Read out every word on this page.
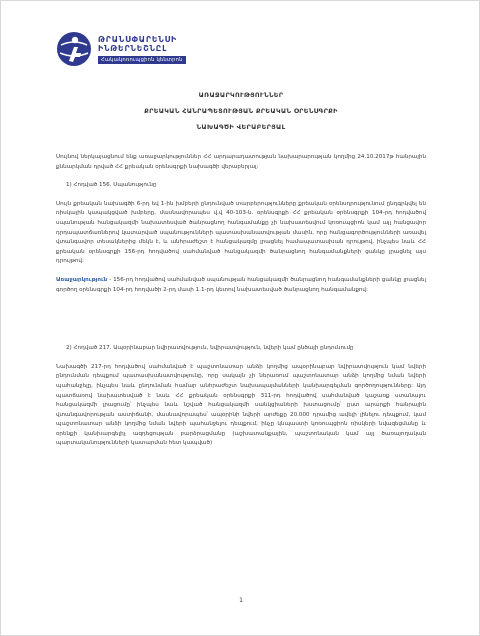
ԹՐԱՆՍՓԱՐԵՆՍԻ
ԻՆԹԵՐՆԵՇՆԸԼ
Հակակոռուպցիոն կենտրոն
ԱՌԱՋԱՐԿՈՒԹՅՈՒՆՆԵՐ
ՔՐԵԱԿԱՆ ՀԱՆՐԱՊԵՏՈՒԹՅԱՆ ՔՐԵԱԿԱՆ ՕՐԵՆՍԳՐՔԻ
ՆԱԽԱԳԾԻ ՎԵՐԱԲԵՐՅԱԼ

Սույնով ներկայացնում ենք առաջարկություններ ՀՀ արդարադատության նախարարության կողմից 24.10.2017թ հանրային քննարկման դրված ՀՀ քրեական օրենսգրքի նախագծի վերաբերյալ:

1) Հոդված 156. Սպանությունը

Սույն քրեական նախագծի 6-րդ եվ 1-ին խմբերի ընդունված տարբերությունները քրեական օրենսդրությունում ընդգրկվել են ռիսկային կապակցված խմբերը, մասնավորապես վ.վ 40-103-ն. օրենսգրքի ՀՀ քրեական օրենսգրքի 104-րդ հոդվածով սպանության հանցակազմի նախատեսված ծանրացնող հանգամանքը չի նախատեսվում կոռուպցիոն կամ այլ հանցավոր դրդապատճառներով կատարված սպանությունների պատասխանատվության մասին, որը հանցագործությունների առավել վտանգավոր տեսակներից մեկն է, և անհրաժեշտ է հանցակազմը լրացնել համապատասխան դրույթով, ինչպես նաև ՀՀ քրեական օրենսգրքի 156-րդ հոդվածով սահմանված հանցակազմի ծանրացնող հանգամանքների ցանկը լրացնել այս դրույթով:

Առաջարկություն - 156-րդ հոդվածով սահմանված սպանության հանցակազմի ծանրացնող հանգամանքների ցանկը լրացնել գործող օրենսգրքի 104-րդ հոդվածի 2-րդ մասի 1.1-րդ կետով նախատեսված ծանրացնող հանգամանքով:

2) Հոդված 217. Ապօրինաբար նվիրատվություն, նվիրատվություն, նվերի կամ ընծայի ընդունումը

Նախագծի 217-րդ հոդվածով սահմանված է պաշտոնատար անձի կողմից ապօրինաբար նվիրատվություն կամ նվերի ընդունման դեպքում պատասխանատվությունը, որը սակայն չի ներառում պաշտոնատար անձի կողմից նման նվերի պահանջելը, ինչպես նաև ընդունման համար անհրաժեշտ նախապայմանների կանխարգելման գործողությունները: Այդ պատճառով նախատեսված է նաև ՀՀ քրեական օրենսգրքի 311-րդ հոդվածով սահմանված կաշառք ստանալու հանցակազմի լրացումը՝ ինչպես նաև նշված հանցակազմի սանկցիաների խստացումը՝ ըստ արարքի հանրային վտանգավորության աստիճանի, մասնավորապես՝ ապօրինի նվերի արժեքը 20.000 դրամից ավելի լինելու դեպքում, կամ պաշտոնատար անձի կողմից նման նվերի պահանջելու դեպքում, ինչը կնպաստի կոռուպցիոն ռիսկերի նվազեցմանը և օրենքի կանխարգելիչ ազդեցության բարձրացմանը (աշխատանքային, պաշտոնական կամ այլ ծառայողական պարտականությունների կատարման հետ կապված)

1
